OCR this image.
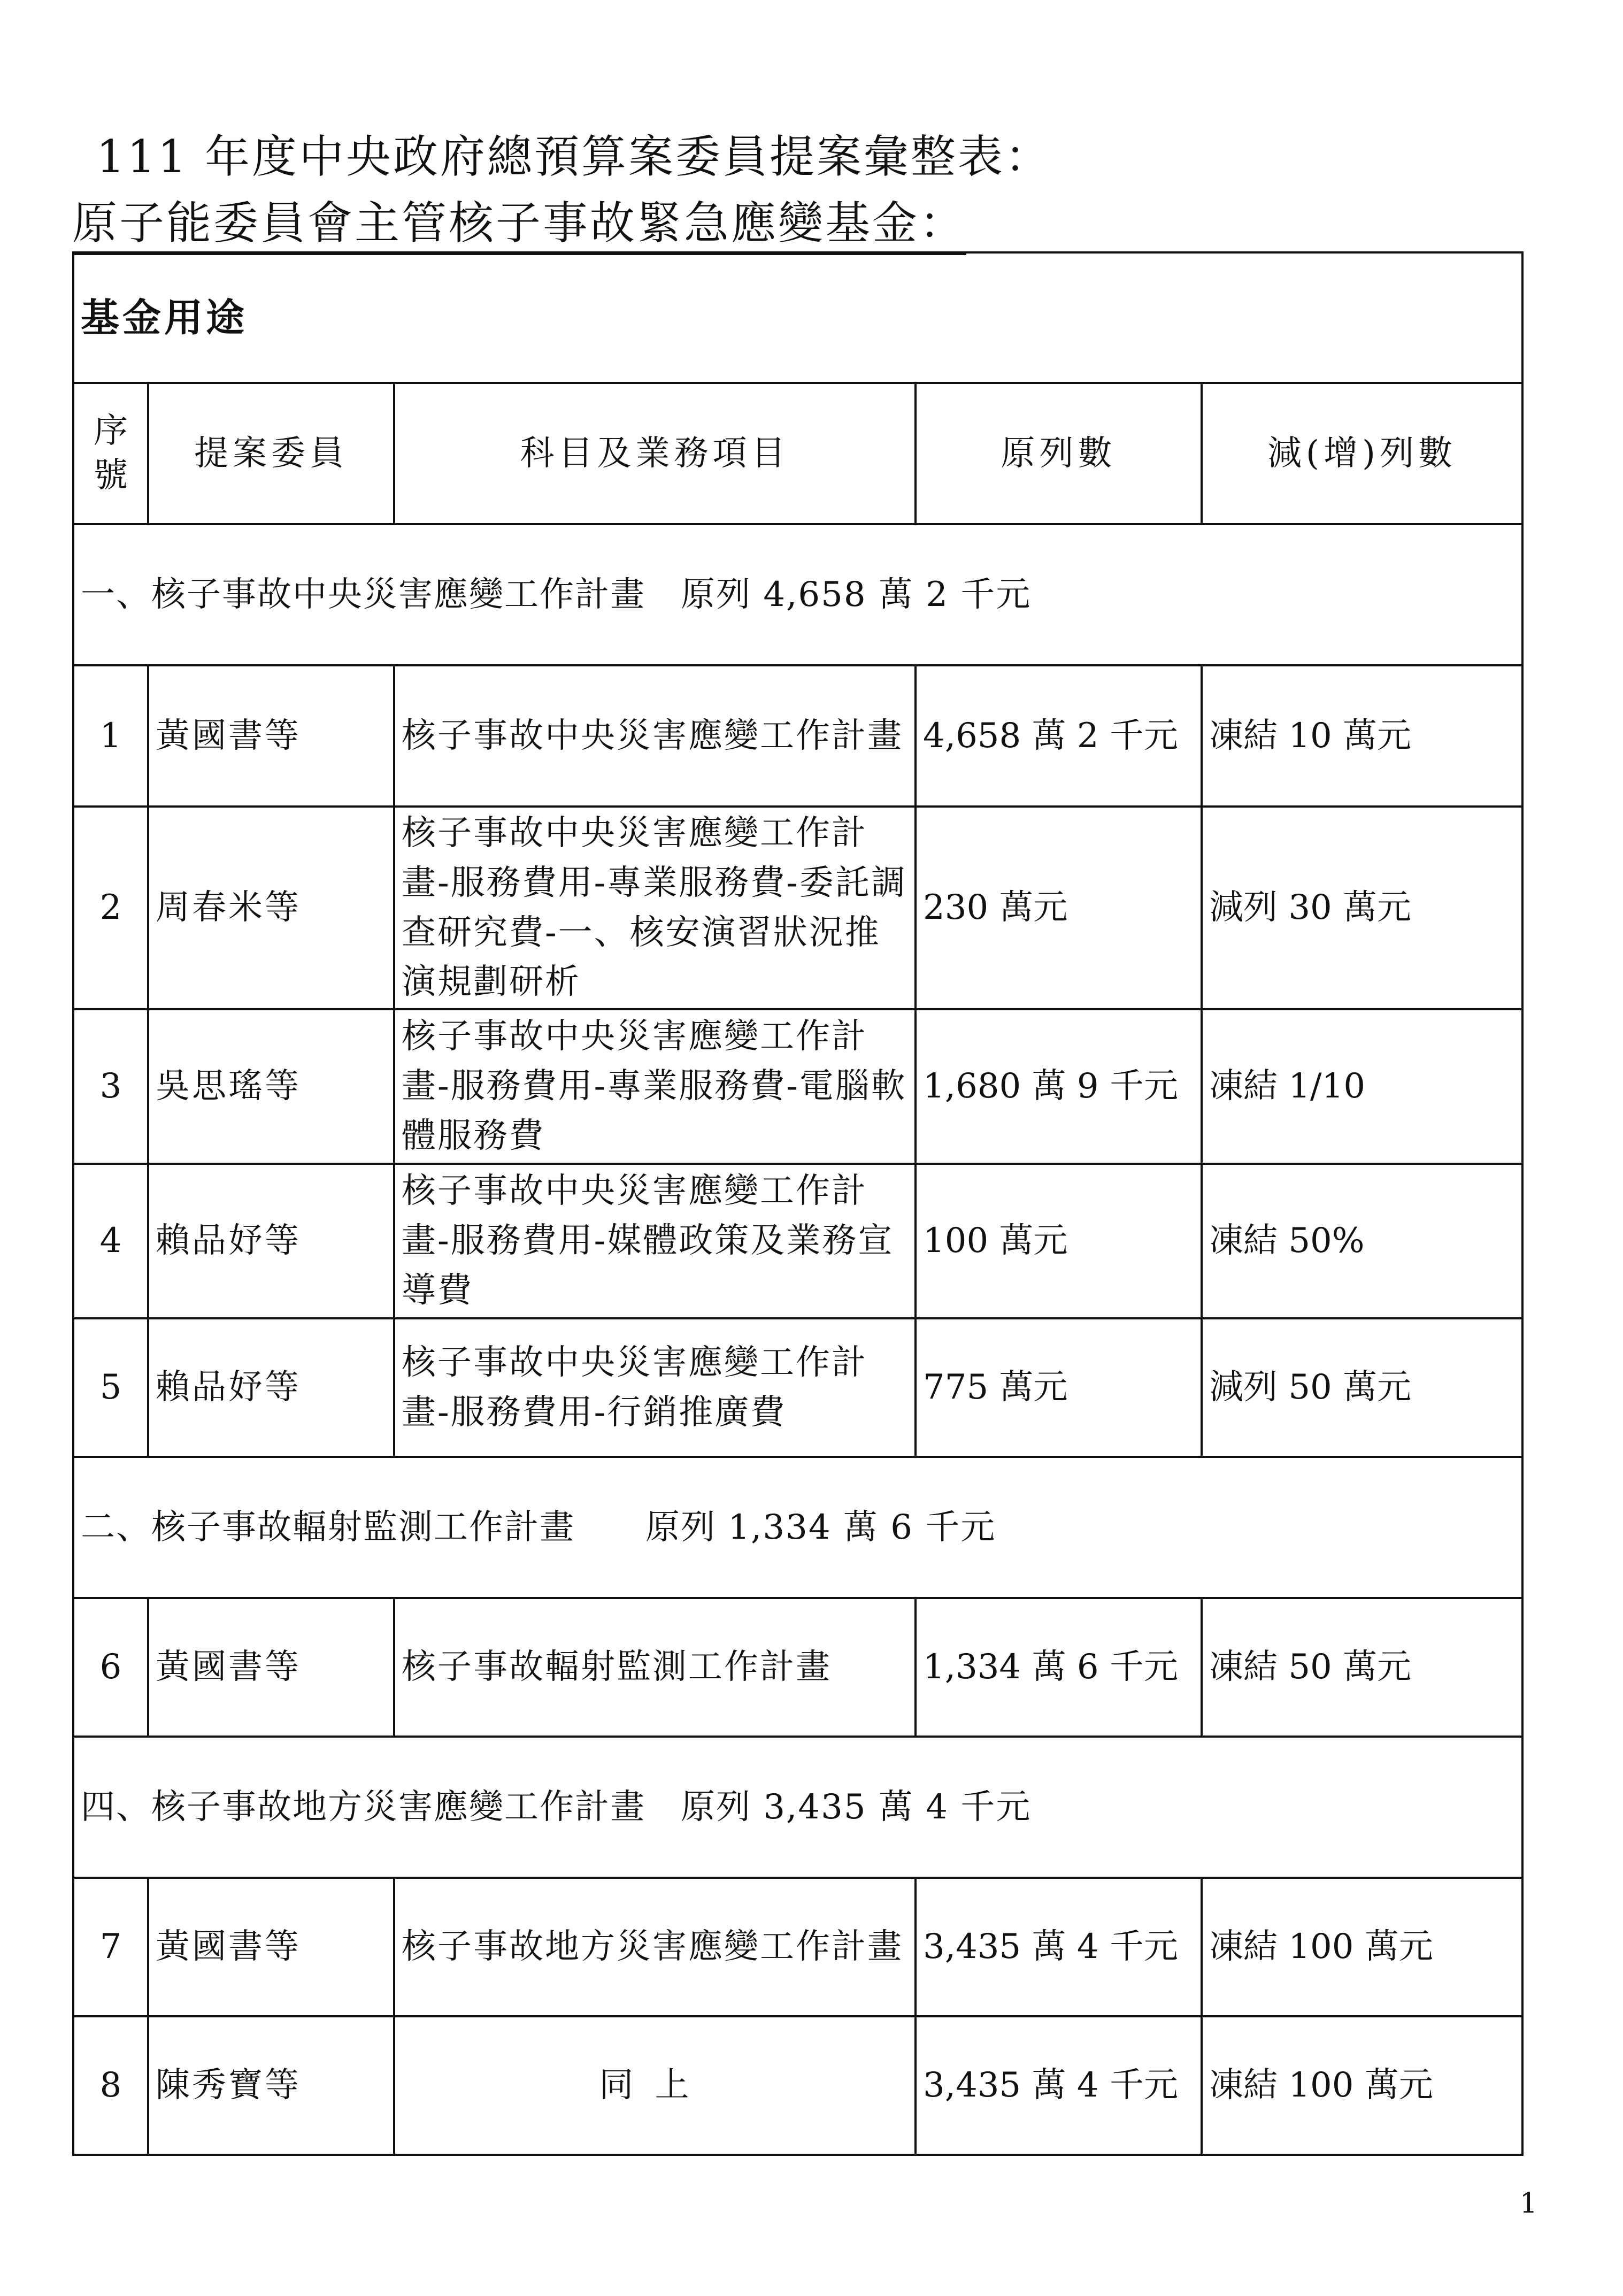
111 年度中央政府總預算案委員提案彙整表：
原子能委員會主管核子事故緊急應變基金：
基金用途				
序
號	提案委員	科目及業務項目	原列數	減(增)列數
一、核子事故中央災害應變工作計畫　原列 4,658 萬 2 千元				
1	黃國書等	核子事故中央災害應變工作計畫	4,658 萬 2 千元	凍結 10 萬元
2	周春米等	核子事故中央災害應變工作計畫-服務費用-專業服務費-委託調查研究費-一、核安演習狀況推演規劃研析	230 萬元	減列 30 萬元
3	吳思瑤等	核子事故中央災害應變工作計畫-服務費用-專業服務費-電腦軟體服務費	1,680 萬 9 千元	凍結 1/10
4	賴品妤等	核子事故中央災害應變工作計畫-服務費用-媒體政策及業務宣導費	100 萬元	凍結 50%
5	賴品妤等	核子事故中央災害應變工作計畫-服務費用-行銷推廣費	775 萬元	減列 50 萬元
二、核子事故輻射監測工作計畫　　原列 1,334 萬 6 千元				
6	黃國書等	核子事故輻射監測工作計畫	1,334 萬 6 千元	凍結 50 萬元
四、核子事故地方災害應變工作計畫　原列 3,435 萬 4 千元				
7	黃國書等	核子事故地方災害應變工作計畫	3,435 萬 4 千元	凍結 100 萬元
8	陳秀寶等	同上	3,435 萬 4 千元	凍結 100 萬元
1
